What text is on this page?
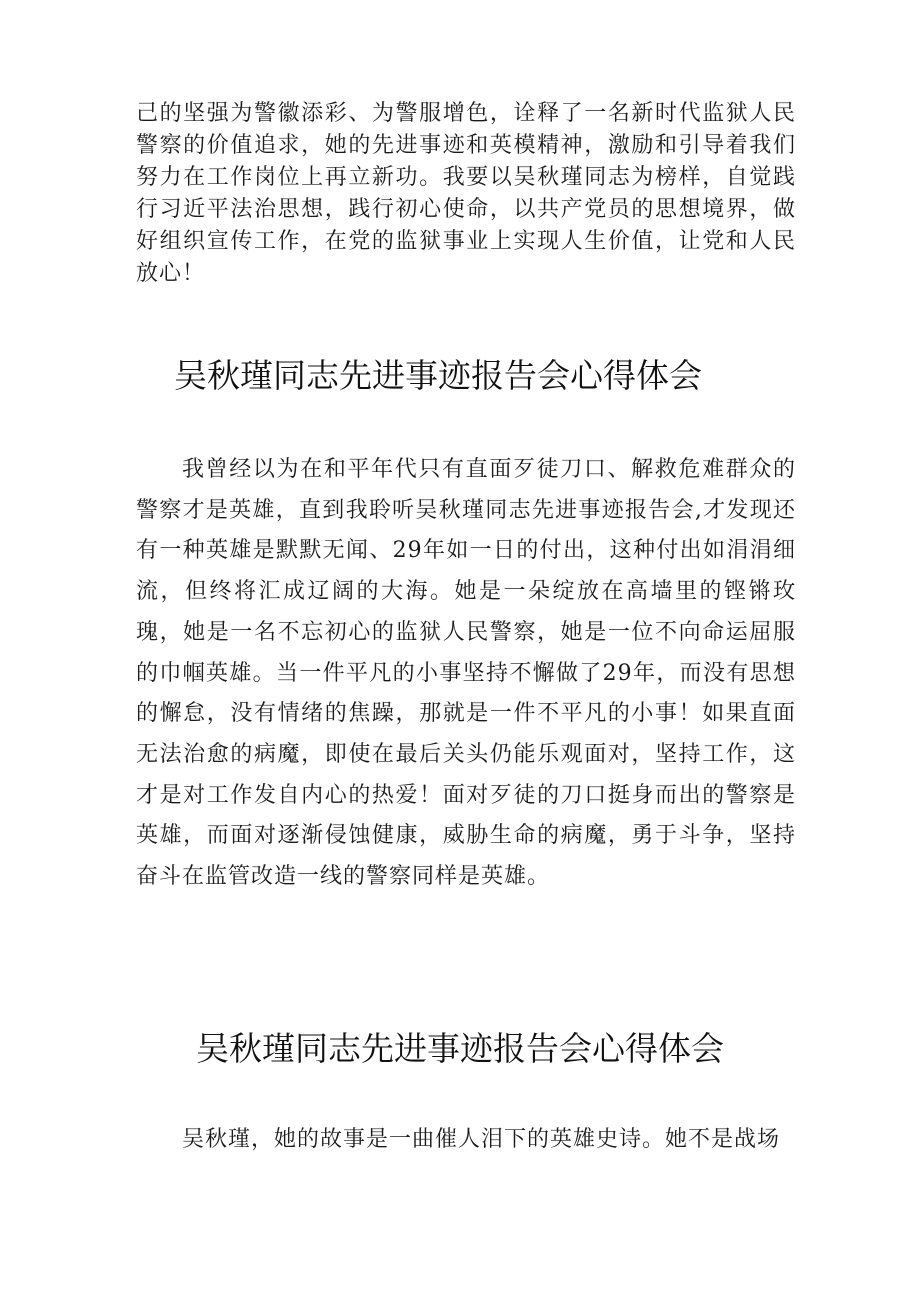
己的坚强为警徽添彩、为警服增色，诠释了一名新时代监狱人民警察的价值追求，她的先进事迹和英模精神，激励和引导着我们努力在工作岗位上再立新功。我要以吴秋瑾同志为榜样，自觉践行习近平法治思想，践行初心使命，以共产党员的思想境界，做好组织宣传工作，在党的监狱事业上实现人生价值，让党和人民放心！

吴秋瑾同志先进事迹报告会心得体会

我曾经以为在和平年代只有直面歹徒刀口、解救危难群众的警察才是英雄，直到我聆听吴秋瑾同志先进事迹报告会,才发现还有一种英雄是默默无闻、29年如一日的付出，这种付出如涓涓细流，但终将汇成辽阔的大海。她是一朵绽放在高墙里的铿锵玫瑰，她是一名不忘初心的监狱人民警察，她是一位不向命运屈服的巾帼英雄。当一件平凡的小事坚持不懈做了29年，而没有思想的懈怠，没有情绪的焦躁，那就是一件不平凡的小事！如果直面无法治愈的病魔，即使在最后关头仍能乐观面对，坚持工作，这才是对工作发自内心的热爱！面对歹徒的刀口挺身而出的警察是英雄，而面对逐渐侵蚀健康，威胁生命的病魔，勇于斗争，坚持奋斗在监管改造一线的警察同样是英雄。

吴秋瑾同志先进事迹报告会心得体会

吴秋瑾，她的故事是一曲催人泪下的英雄史诗。她不是战场
